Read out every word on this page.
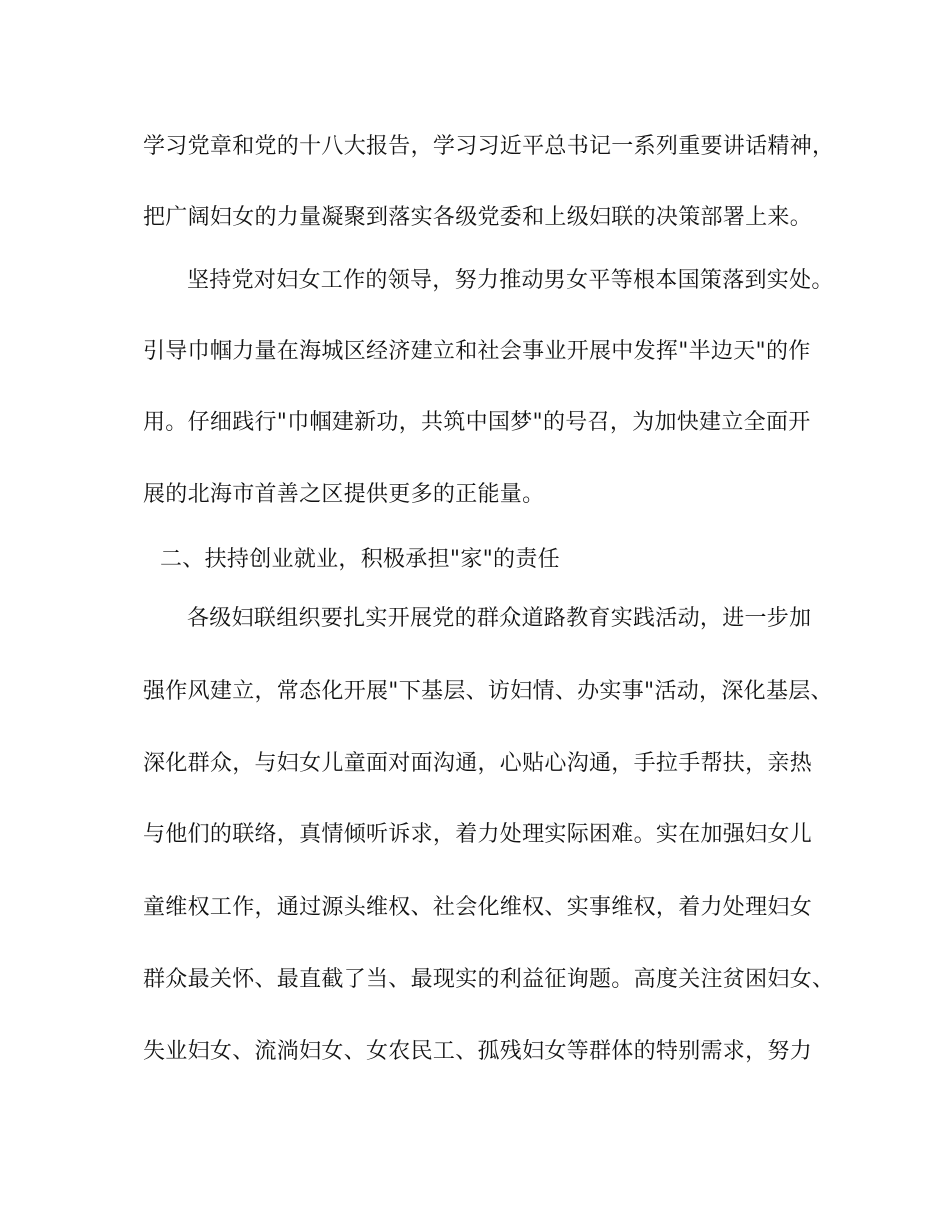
学习党章和党的十八大报告，学习习近平总书记一系列重要讲话精神，
把广阔妇女的力量凝聚到落实各级党委和上级妇联的决策部署上来。
坚持党对妇女工作的领导，努力推动男女平等根本国策落到实处。
引导巾帼力量在海城区经济建立和社会事业开展中发挥"半边天"的作
用。仔细践行"巾帼建新功，共筑中国梦"的号召，为加快建立全面开
展的北海市首善之区提供更多的正能量。
二、扶持创业就业，积极承担"家"的责任
各级妇联组织要扎实开展党的群众道路教育实践活动，进一步加
强作风建立，常态化开展"下基层、访妇情、办实事"活动，深化基层、
深化群众，与妇女儿童面对面沟通，心贴心沟通，手拉手帮扶，亲热
与他们的联络，真情倾听诉求，着力处理实际困难。实在加强妇女儿
童维权工作，通过源头维权、社会化维权、实事维权，着力处理妇女
群众最关怀、最直截了当、最现实的利益征询题。高度关注贫困妇女、
失业妇女、流淌妇女、女农民工、孤残妇女等群体的特别需求，努力
